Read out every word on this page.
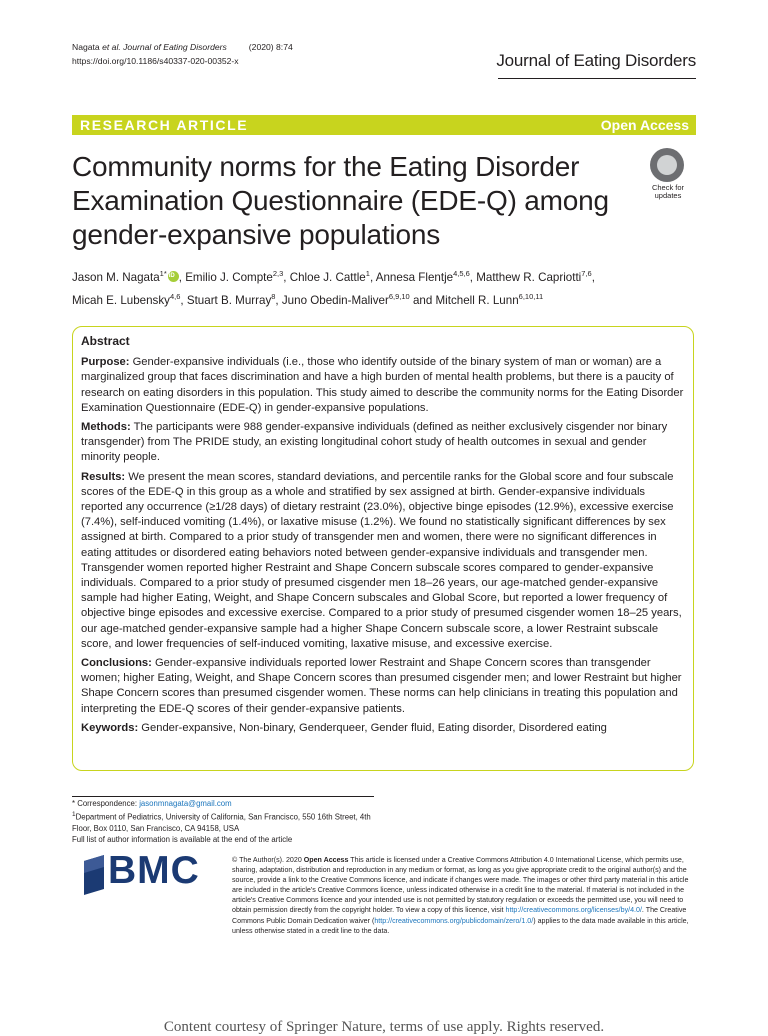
Nagata et al. Journal of Eating Disorders	(2020) 8:74
https://doi.org/10.1186/s40337-020-00352-x	Journal of Eating Disorders
RESEARCH ARTICLE	Open Access
Community norms for the Eating Disorder Examination Questionnaire (EDE-Q) among gender-expansive populations
Check for
updates
Jason M. Nagata$^{1*}$iD , Emilio J. Compte$^{2,3}$, Chloe J. Cattle$^1$, Annesa Flentje$^{4,5,6}$, Matthew R. Capriotti$^{7,6}$,
Micah E. Lubensky$^{4,6}$, Stuart B. Murray$^8$, Juno Obedin-Maliver$^{6,9,10}$ and Mitchell R. Lunn$^{6,10,11}$
Abstract

Purpose: Gender-expansive individuals (i.e., those who identify outside of the binary system of man or woman) are a marginalized group that faces discrimination and have a high burden of mental health problems, but there is a paucity of research on eating disorders in this population. This study aimed to describe the community norms for the Eating Disorder Examination Questionnaire (EDE-Q) in gender-expansive populations.

Methods: The participants were 988 gender-expansive individuals (defined as neither exclusively cisgender nor binary transgender) from The PRIDE study, an existing longitudinal cohort study of health outcomes in sexual and gender minority people.

Results: We present the mean scores, standard deviations, and percentile ranks for the Global score and four subscale scores of the EDE-Q in this group as a whole and stratified by sex assigned at birth. Gender-expansive individuals reported any occurrence (≥1/28 days) of dietary restraint (23.0%), objective binge episodes (12.9%), excessive exercise (7.4%), self-induced vomiting (1.4%), or laxative misuse (1.2%). We found no statistically significant differences by sex assigned at birth. Compared to a prior study of transgender men and women, there were no significant differences in eating attitudes or disordered eating behaviors noted between gender-expansive individuals and transgender men. Transgender women reported higher Restraint and Shape Concern subscale scores compared to gender-expansive individuals. Compared to a prior study of presumed cisgender men 18–26 years, our age-matched gender-expansive sample had higher Eating, Weight, and Shape Concern subscales and Global Score, but reported a lower frequency of objective binge episodes and excessive exercise. Compared to a prior study of presumed cisgender women 18–25 years, our age-matched gender-expansive sample had a higher Shape Concern subscale score, a lower Restraint subscale score, and lower frequencies of self-induced vomiting, laxative misuse, and excessive exercise.

Conclusions: Gender-expansive individuals reported lower Restraint and Shape Concern scores than transgender women; higher Eating, Weight, and Shape Concern scores than presumed cisgender men; and lower Restraint but higher Shape Concern scores than presumed cisgender women. These norms can help clinicians in treating this population and interpreting the EDE-Q scores of their gender-expansive patients.

Keywords: Gender-expansive, Non-binary, Genderqueer, Gender fluid, Eating disorder, Disordered eating

* Correspondence: jasonmnagata@gmail.com
$^1$Department of Pediatrics, University of California, San Francisco, 550 16th Street, 4th Floor, Box 0110, San Francisco, CA 94158, USA
Full list of author information is available at the end of the article
BMC	© The Author(s). 2020 Open Access This article is licensed under a Creative Commons Attribution 4.0 International License, which permits use, sharing, adaptation, distribution and reproduction in any medium or format, as long as you give appropriate credit to the original author(s) and the source, provide a link to the Creative Commons licence, and indicate if changes were made. The images or other third party material in this article are included in the article's Creative Commons licence, unless indicated otherwise in a credit line to the material. If material is not included in the article's Creative Commons licence and your intended use is not permitted by statutory regulation or exceeds the permitted use, you will need to obtain permission directly from the copyright holder. To view a copy of this licence, visit http://creativecommons.org/licenses/by/4.0/. The Creative Commons Public Domain Dedication waiver (http://creativecommons.org/publicdomain/zero/1.0/) applies to the data made available in this article, unless otherwise stated in a credit line to the data.
Content courtesy of Springer Nature, terms of use apply. Rights reserved.
